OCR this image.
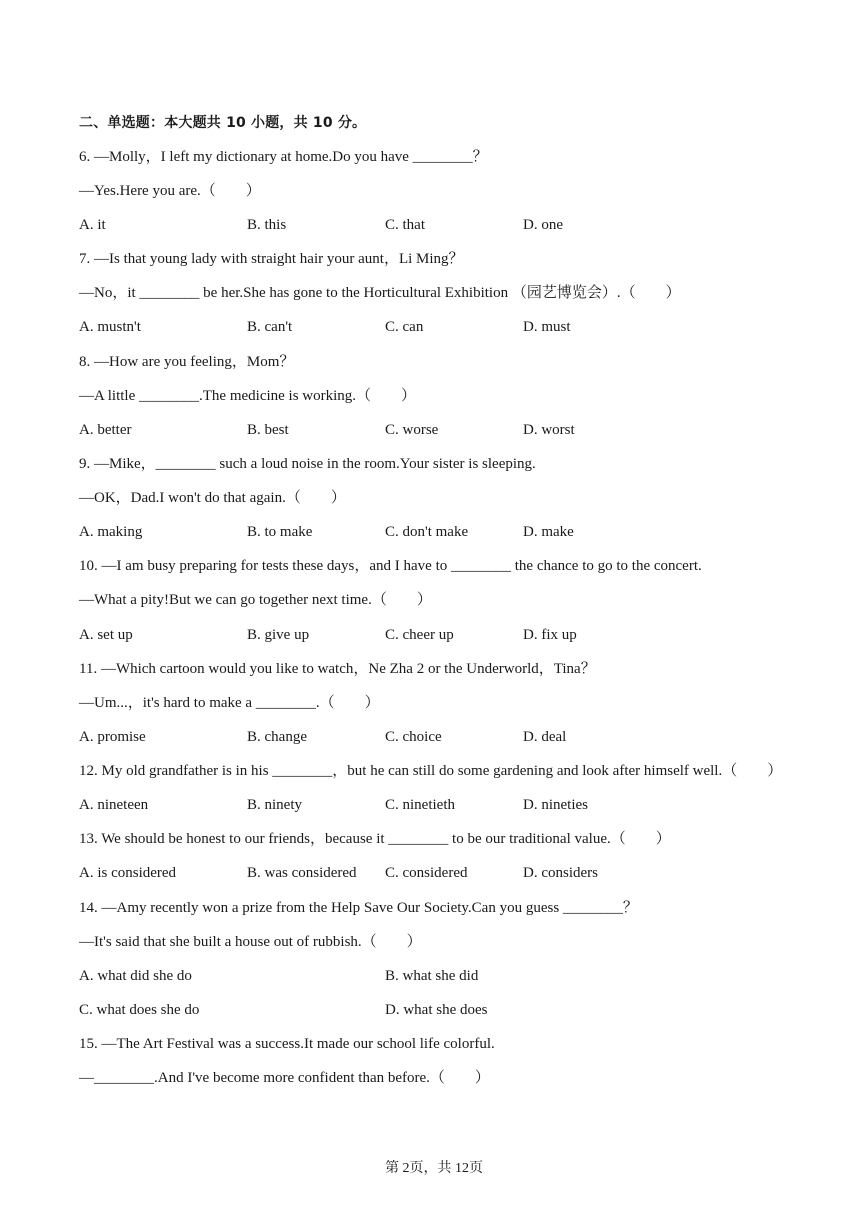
二、单选题：本大题共 10 小题，共 10 分。
6. —Molly，I left my dictionary at home.Do you have ________？
—Yes.Here you are.（　　）
A. it	B. this	C. that	D. one
7. —Is that young lady with straight hair your aunt，Li Ming？
—No，it ________ be her.She has gone to the Horticultural Exhibition （园艺博览会）.（　　）
A. mustn't	B. can't	C. can	D. must
8. —How are you feeling，Mom？
—A little ________.The medicine is working.（　　）
A. better	B. best	C. worse	D. worst
9. —Mike，________ such a loud noise in the room.Your sister is sleeping.
—OK，Dad.I won't do that again.（　　）
A. making	B. to make	C. don't make	D. make
10. —I am busy preparing for tests these days，and I have to ________ the chance to go to the concert.
—What a pity!But we can go together next time.（　　）
A. set up	B. give up	C. cheer up	D. fix up
11. —Which cartoon would you like to watch，Ne Zha 2 or the Underworld，Tina？
—Um...，it's hard to make a ________.（　　）
A. promise	B. change	C. choice	D. deal
12. My old grandfather is in his ________，but he can still do some gardening and look after himself well.（　　）
A. nineteen	B. ninety	C. ninetieth	D. nineties
13. We should be honest to our friends，because it ________ to be our traditional value.（　　）
A. is considered	B. was considered C. considered	D. considers
14. —Amy recently won a prize from the Help Save Our Society.Can you guess ________？
—It's said that she built a house out of rubbish.（　　）
A. what did she do	B. what she did
C. what does she do	D. what she does
15. —The Art Festival was a success.It made our school life colorful.
—________.And I've become more confident than before.（　　）
第 2页，共 12页
